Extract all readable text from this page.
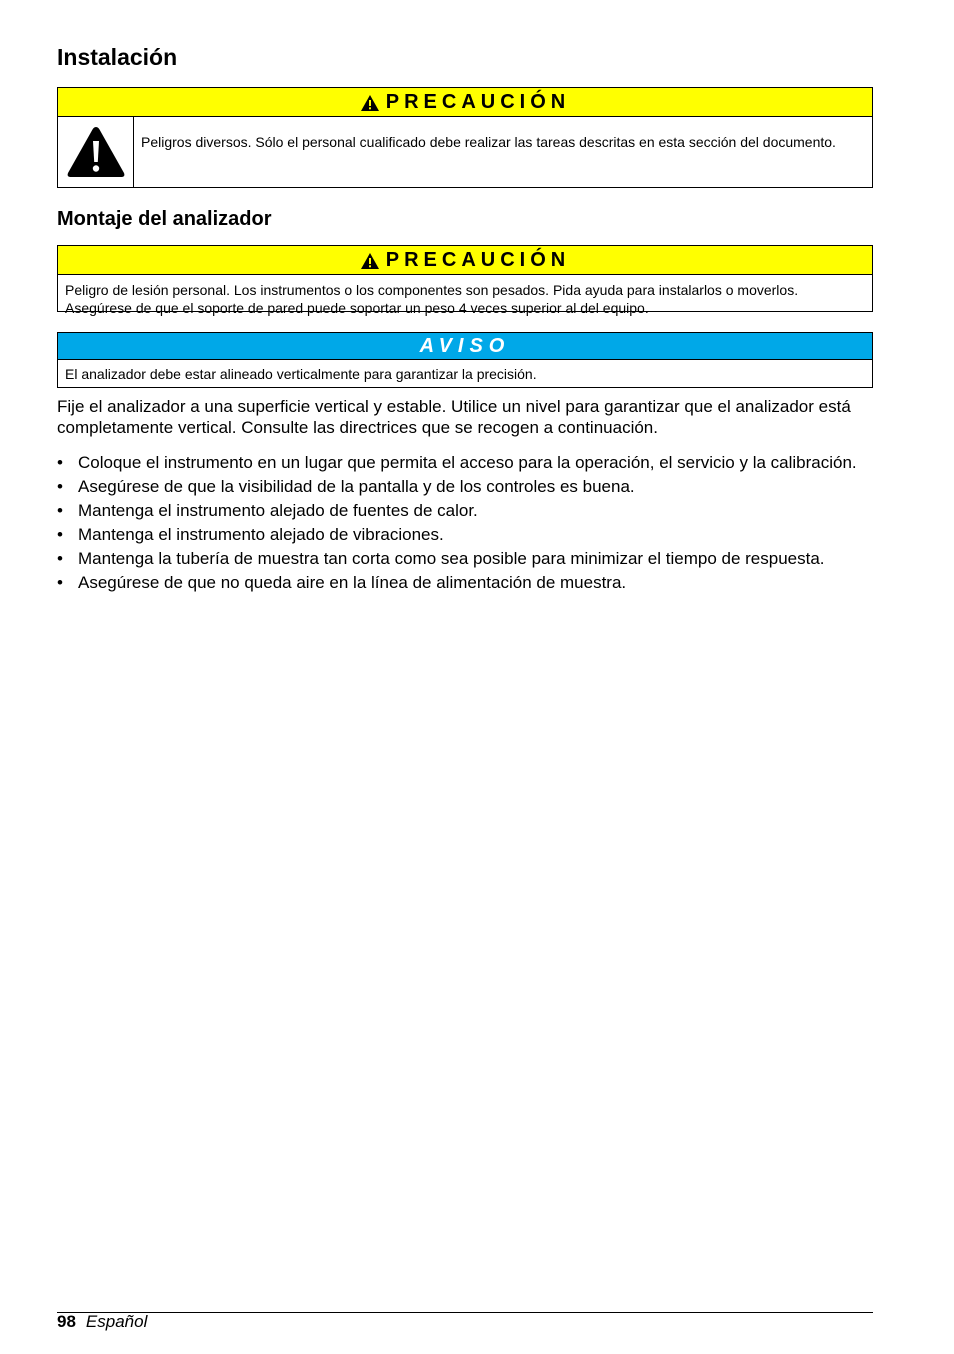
Instalación
PRECAUCIÓN
Peligros diversos. Sólo el personal cualificado debe realizar las tareas descritas en esta sección del documento.
Montaje del analizador
PRECAUCIÓN
Peligro de lesión personal. Los instrumentos o los componentes son pesados. Pida ayuda para instalarlos o moverlos. Asegúrese de que el soporte de pared puede soportar un peso 4 veces superior al del equipo.
AVISO
El analizador debe estar alineado verticalmente para garantizar la precisión.

Fije el analizador a una superficie vertical y estable. Utilice un nivel para garantizar que el analizador está completamente vertical. Consulte las directrices que se recogen a continuación.

• Coloque el instrumento en un lugar que permita el acceso para la operación, el servicio y la calibración.
• Asegúrese de que la visibilidad de la pantalla y de los controles es buena.
• Mantenga el instrumento alejado de fuentes de calor.
• Mantenga el instrumento alejado de vibraciones.
• Mantenga la tubería de muestra tan corta como sea posible para minimizar el tiempo de respuesta.
• Asegúrese de que no queda aire en la línea de alimentación de muestra.
98 Español
